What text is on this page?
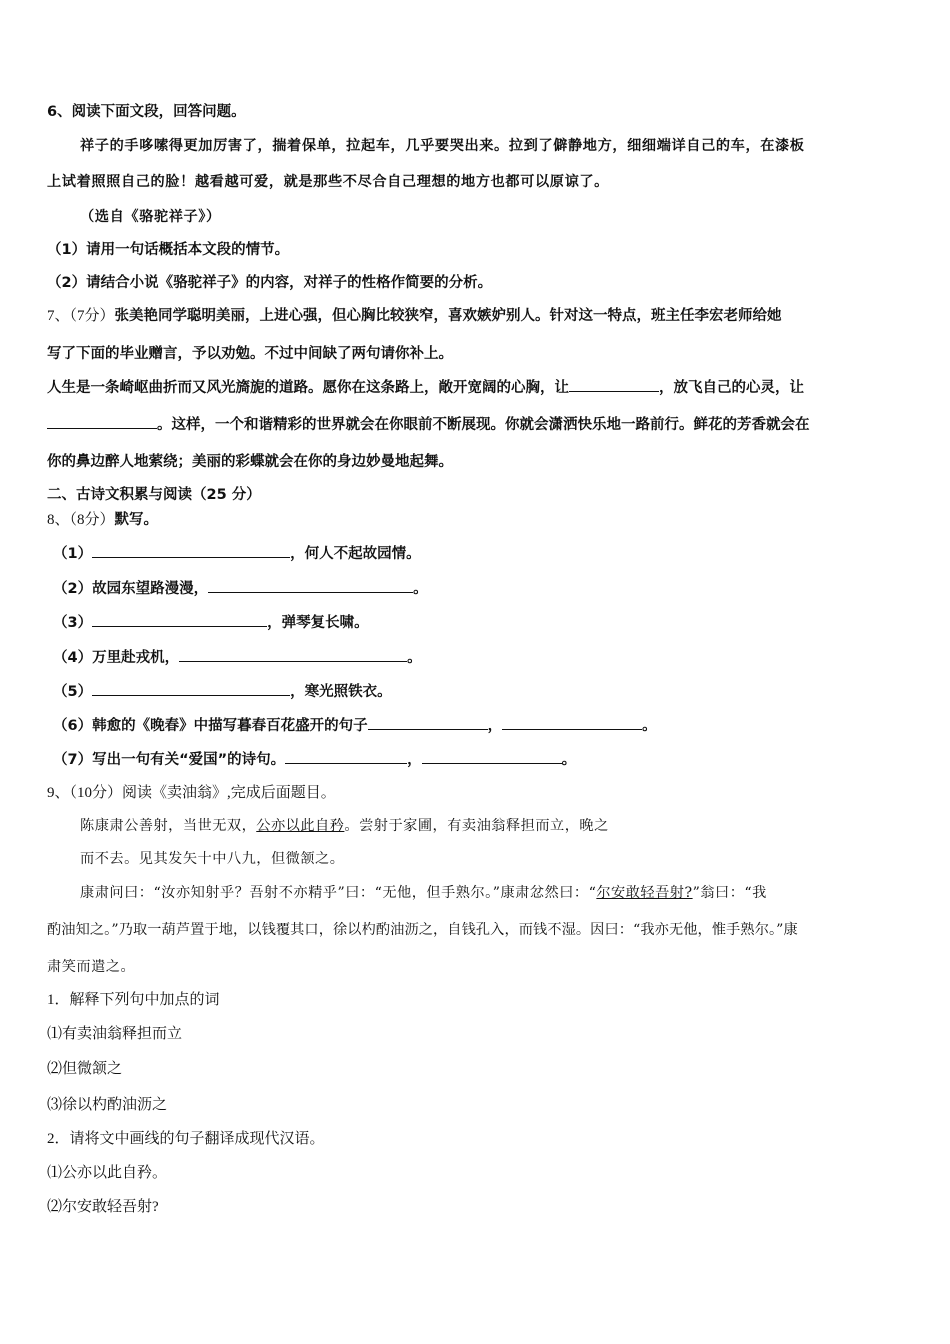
6、阅读下面文段，回答问题。
祥子的手哆嗦得更加厉害了，揣着保单，拉起车，几乎要哭出来。拉到了僻静地方，细细端详自己的车，在漆板
上试着照照自己的脸！越看越可爱，就是那些不尽合自己理想的地方也都可以原谅了。
（选自《骆驼祥子》）
（1）请用一句话概括本文段的情节。
（2）请结合小说《骆驼祥子》的内容，对祥子的性格作简要的分析。
7、（7分）张美艳同学聪明美丽，上进心强，但心胸比较狭窄，喜欢嫉妒别人。针对这一特点，班主任李宏老师给她
写了下面的毕业赠言，予以劝勉。不过中间缺了两句请你补上。
人生是一条崎岖曲折而又风光旖旎的道路。愿你在这条路上，敞开宽阔的心胸，让	，放飞自己的心灵，让
。这样，一个和谐精彩的世界就会在你眼前不断展现。你就会潇洒快乐地一路前行。鲜花的芳香就会在
你的鼻边醉人地萦绕；美丽的彩蝶就会在你的身边妙曼地起舞。
二、古诗文积累与阅读（25 分）
8、（8分）默写。
（1）	，何人不起故园情。
（2）故园东望路漫漫，	。
（3）	，弹琴复长啸。
（4）万里赴戎机，	。
（5）	，寒光照铁衣。
（6）韩愈的《晚春》中描写暮春百花盛开的句子	，	。
（7）写出一句有关“爱国”的诗句。	，	。
9、（10分）阅读《卖油翁》,完成后面题目。
陈康肃公善射，当世无双，公亦以此自矜。尝射于家圃，有卖油翁释担而立，晚之
而不去。见其发矢十中八九，但微颔之。
康肃问曰：“汝亦知射乎？吾射不亦精乎”曰：“无他，但手熟尔。”康肃忿然曰：“尔安敢轻吾射?”翁曰：“我
酌油知之。”乃取一葫芦置于地，以钱覆其口，徐以杓酌油沥之，自钱孔入，而钱不湿。因曰：“我亦无他，惟手熟尔。”康
肃笑而遣之。
1．解释下列句中加点的词
⑴有卖油翁释担而立
⑵但微颔之
⑶徐以杓酌油沥之
2．请将文中画线的句子翻译成现代汉语。
⑴公亦以此自矜。
⑵尔安敢轻吾射?
